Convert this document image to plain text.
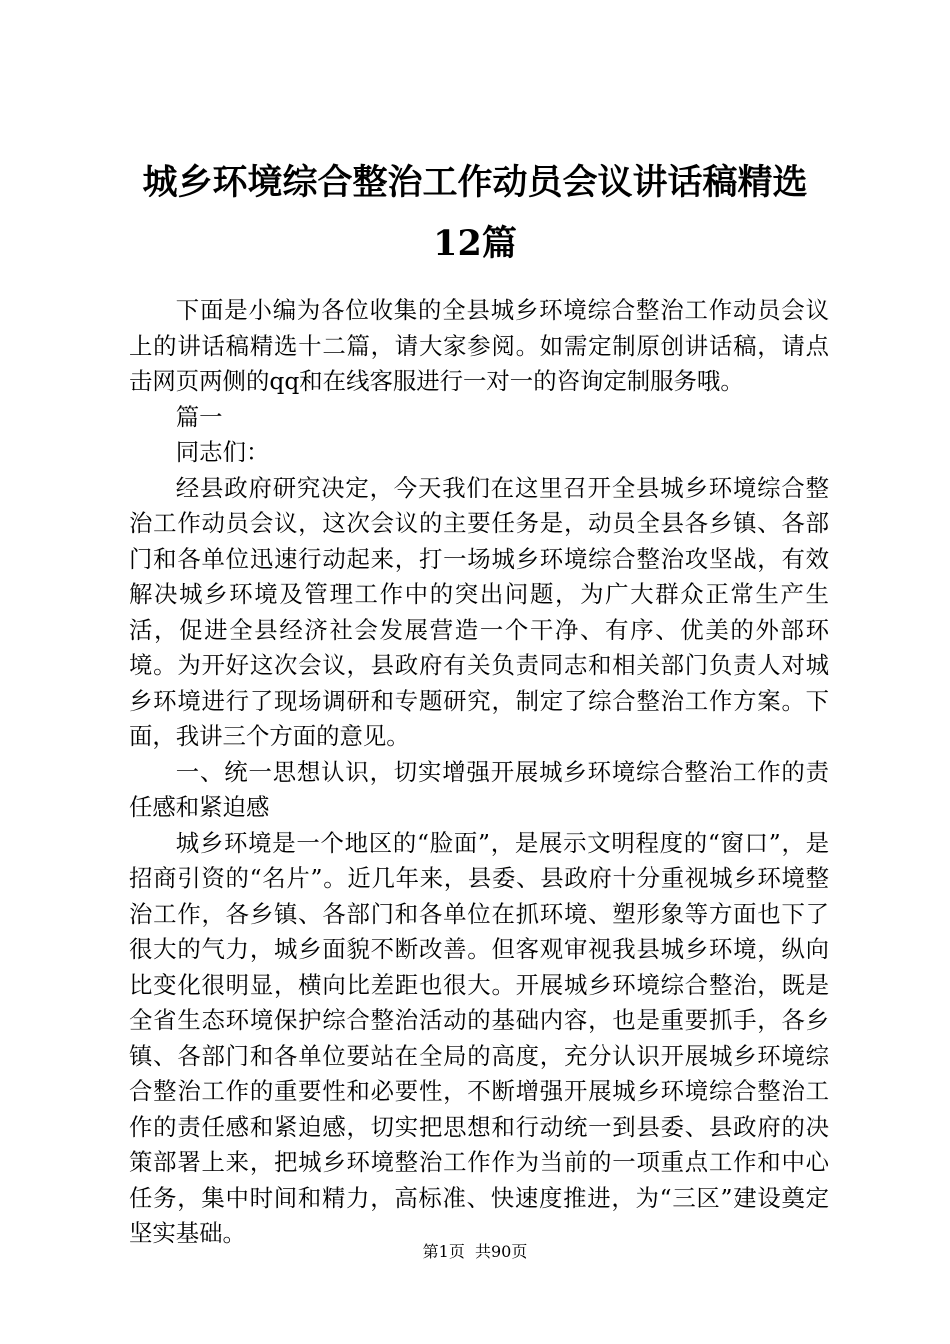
城乡环境综合整治工作动员会议讲话稿精选
12篇

下面是小编为各位收集的全县城乡环境综合整治工作动员会议上的讲话稿精选十二篇，请大家参阅。如需定制原创讲话稿，请点击网页两侧的qq和在线客服进行一对一的咨询定制服务哦。

篇一

同志们：

经县政府研究决定，今天我们在这里召开全县城乡环境综合整治工作动员会议，这次会议的主要任务是，动员全县各乡镇、各部门和各单位迅速行动起来，打一场城乡环境综合整治攻坚战，有效解决城乡环境及管理工作中的突出问题，为广大群众正常生产生活，促进全县经济社会发展营造一个干净、有序、优美的外部环境。为开好这次会议，县政府有关负责同志和相关部门负责人对城乡环境进行了现场调研和专题研究，制定了综合整治工作方案。下面，我讲三个方面的意见。

一、统一思想认识，切实增强开展城乡环境综合整治工作的责任感和紧迫感

城乡环境是一个地区的“脸面”，是展示文明程度的“窗口”，是招商引资的“名片”。近几年来，县委、县政府十分重视城乡环境整治工作，各乡镇、各部门和各单位在抓环境、塑形象等方面也下了很大的气力，城乡面貌不断改善。但客观审视我县城乡环境，纵向比变化很明显，横向比差距也很大。开展城乡环境综合整治，既是全省生态环境保护综合整治活动的基础内容，也是重要抓手，各乡镇、各部门和各单位要站在全局的高度，充分认识开展城乡环境综合整治工作的重要性和必要性，不断增强开展城乡环境综合整治工作的责任感和紧迫感，切实把思想和行动统一到县委、县政府的决策部署上来，把城乡环境整治工作作为当前的一项重点工作和中心任务，集中时间和精力，高标准、快速度推进，为“三区”建设奠定坚实基础。

第1页  共90页
